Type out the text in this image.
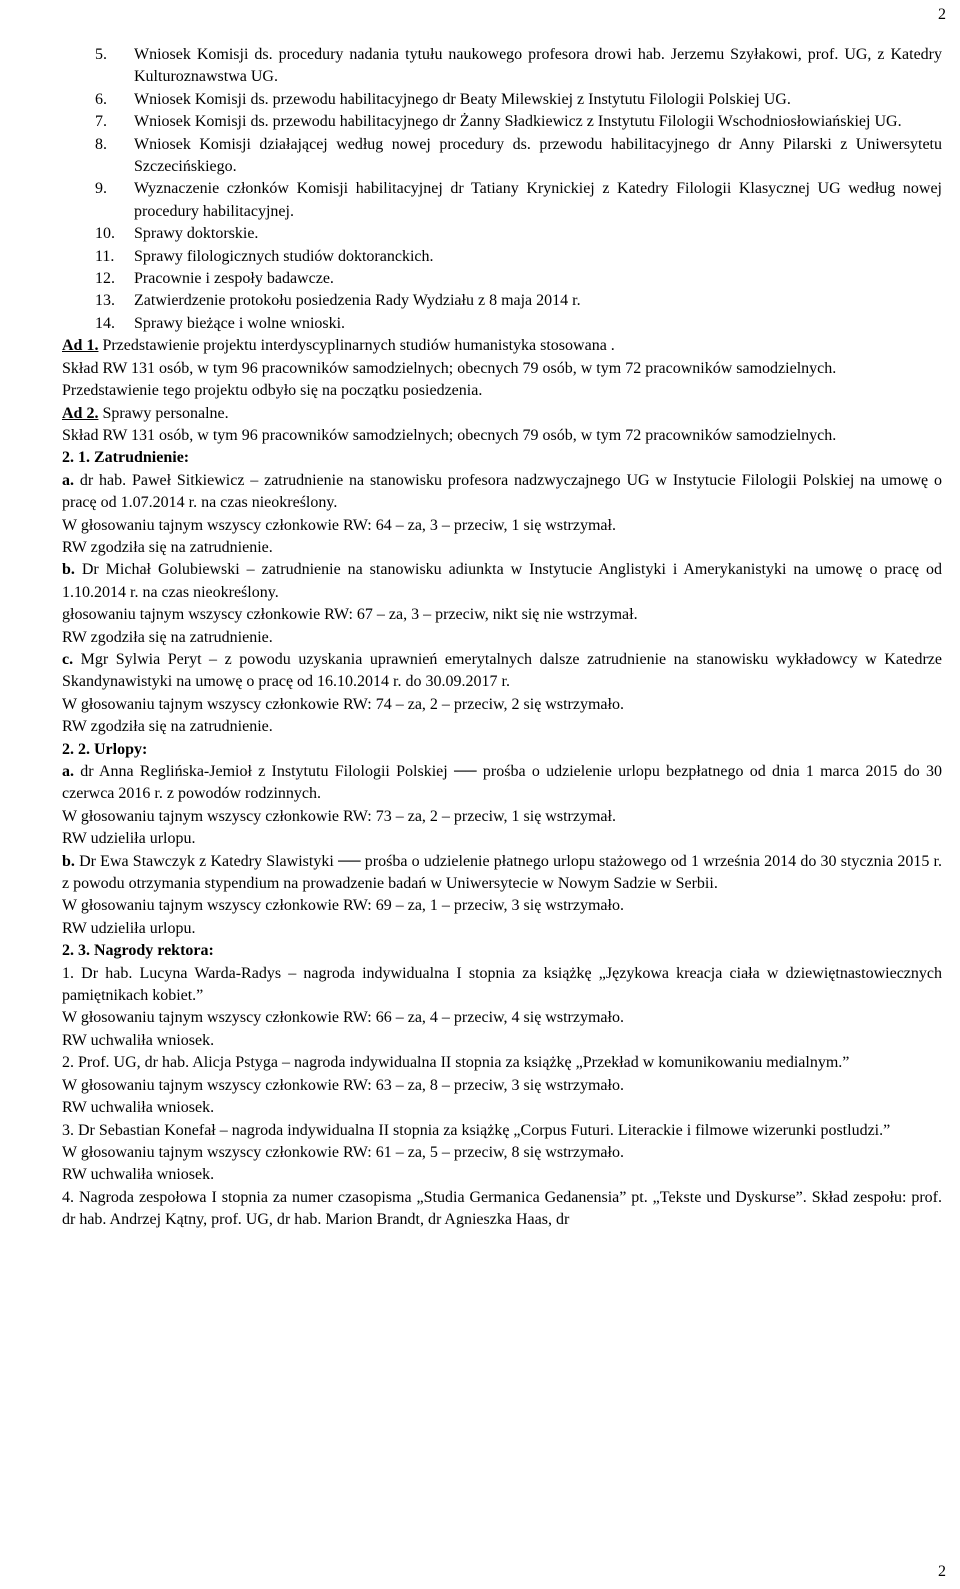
2
5. Wniosek Komisji ds. procedury nadania tytułu naukowego profesora drowi hab. Jerzemu Szyłakowi, prof. UG, z Katedry Kulturoznawstwa UG.
6. Wniosek Komisji ds. przewodu habilitacyjnego dr Beaty Milewskiej z Instytutu Filologii Polskiej UG.
7. Wniosek Komisji ds. przewodu habilitacyjnego dr Żanny Sładkiewicz z Instytutu Filologii Wschodniosłowiańskiej UG.
8. Wniosek Komisji działającej według nowej procedury ds. przewodu habilitacyjnego dr Anny Pilarski z Uniwersytetu Szczecińskiego.
9. Wyznaczenie członków Komisji habilitacyjnej dr Tatiany Krynickiej z Katedry Filologii Klasycznej UG według nowej procedury habilitacyjnej.
10. Sprawy doktorskie.
11. Sprawy filologicznych studiów doktoranckich.
12. Pracownie i zespoły badawcze.
13. Zatwierdzenie protokołu posiedzenia Rady Wydziału z 8 maja 2014 r.
14. Sprawy bieżące i wolne wnioski.

Ad 1. Przedstawienie projektu interdyscyplinarnych studiów humanistyka stosowana .

Skład RW 131 osób, w tym 96 pracowników samodzielnych; obecnych 79 osób, w tym 72 pracowników samodzielnych.

Przedstawienie tego projektu odbyło się na początku posiedzenia.

Ad 2. Sprawy personalne.

Skład RW 131 osób, w tym 96 pracowników samodzielnych; obecnych 79 osób, w tym 72 pracowników samodzielnych.

2. 1. Zatrudnienie:

a. dr hab. Paweł Sitkiewicz – zatrudnienie na stanowisku profesora nadzwyczajnego UG w Instytucie Filologii Polskiej na umowę o pracę od 1.07.2014 r. na czas nieokreślony.

W głosowaniu tajnym wszyscy członkowie RW: 64 – za, 3 – przeciw, 1 się wstrzymał.

RW zgodziła się na zatrudnienie.

b. Dr Michał Golubiewski – zatrudnienie na stanowisku adiunkta w Instytucie Anglistyki i Amerykanistyki na umowę o pracę od 1.10.2014 r. na czas nieokreślony.

głosowaniu tajnym wszyscy członkowie RW: 67 – za, 3 – przeciw, nikt się nie wstrzymał.

RW zgodziła się na zatrudnienie.

c. Mgr Sylwia Peryt – z powodu uzyskania uprawnień emerytalnych dalsze zatrudnienie na stanowisku wykładowcy w Katedrze Skandynawistyki na umowę o pracę od 16.10.2014 r. do 30.09.2017 r.

W głosowaniu tajnym wszyscy członkowie RW: 74 – za, 2 – przeciw, 2 się wstrzymało.

RW zgodziła się na zatrudnienie.

2. 2. Urlopy:

a. dr Anna Reglińska-Jemioł z Instytutu Filologii Polskiej ── prośba o udzielenie urlopu bezpłatnego od dnia 1 marca 2015 do 30 czerwca 2016 r. z powodów rodzinnych.

W głosowaniu tajnym wszyscy członkowie RW: 73 – za, 2 – przeciw, 1 się wstrzymał.

RW udzieliła urlopu.

b. Dr Ewa Stawczyk z Katedry Slawistyki ── prośba o udzielenie płatnego urlopu stażowego od 1 września 2014 do 30 stycznia 2015 r. z powodu otrzymania stypendium na prowadzenie badań w Uniwersytecie w Nowym Sadzie w Serbii.

W głosowaniu tajnym wszyscy członkowie RW: 69 – za, 1 – przeciw, 3 się wstrzymało.

RW udzieliła urlopu.

2. 3. Nagrody rektora:

1. Dr hab. Lucyna Warda-Radys – nagroda indywidualna I stopnia za książkę „Językowa kreacja ciała w dziewiętnastowiecznych pamiętnikach kobiet.”

W głosowaniu tajnym wszyscy członkowie RW: 66 – za, 4 – przeciw, 4 się wstrzymało.

RW uchwaliła wniosek.

2. Prof. UG, dr hab. Alicja Pstyga – nagroda indywidualna II stopnia za książkę „Przekład w komunikowaniu medialnym.”

W głosowaniu tajnym wszyscy członkowie RW: 63 – za, 8 – przeciw, 3 się wstrzymało.

RW uchwaliła wniosek.

3. Dr Sebastian Konefał – nagroda indywidualna II stopnia za książkę „Corpus Futuri. Literackie i filmowe wizerunki postludzi.”

W głosowaniu tajnym wszyscy członkowie RW: 61 – za, 5 – przeciw, 8 się wstrzymało.

RW uchwaliła wniosek.

4. Nagroda zespołowa I stopnia za numer czasopisma „Studia Germanica Gedanensia” pt. „Tekste und Dyskurse”. Skład zespołu: prof. dr hab. Andrzej Kątny, prof. UG, dr hab. Marion Brandt, dr Agnieszka Haas, dr

2
